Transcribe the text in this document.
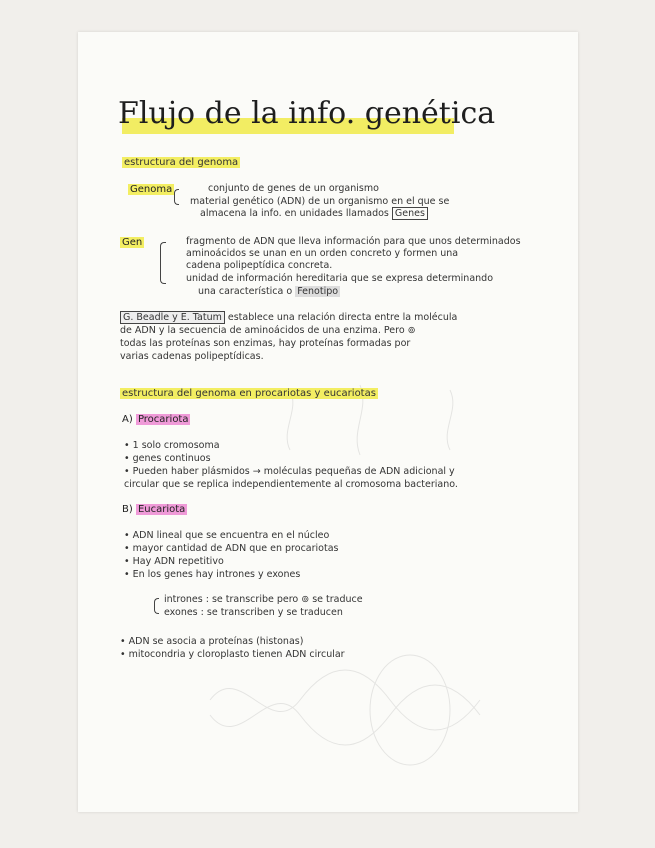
Flujo de la info. genética
estructura del genoma
Genoma	conjunto de genes de un organismo
material genético (ADN) de un organismo en el que se
almacena la info. en unidades llamados Genes
Gen	fragmento de ADN que lleva información para que unos determinados
aminoácidos se unan en un orden concreto y formen una
cadena polipeptídica concreta.
unidad de información hereditaria que se expresa determinando
una característica o Fenotipo
G. Beadle y E. Tatum establece una relación directa entre la molécula
de ADN y la secuencia de aminoácidos de una enzima. Pero ⊚
todas las proteínas son enzimas, hay proteínas formadas por
varias cadenas polipeptídicas.
estructura del genoma en procariotas y eucariotas
A) Procariota
• 1 solo cromosoma
• genes continuos
• Pueden haber plásmidos → moléculas pequeñas de ADN adicional y
circular que se replica independientemente al cromosoma bacteriano.
B) Eucariota
• ADN lineal que se encuentra en el núcleo
• mayor cantidad de ADN que en procariotas
• Hay ADN repetitivo
• En los genes hay intrones y exones
intrones : se transcribe pero ⊚ se traduce
exones : se transcriben y se traducen
• ADN se asocia a proteínas (histonas)
• mitocondria y cloroplasto tienen ADN circular
